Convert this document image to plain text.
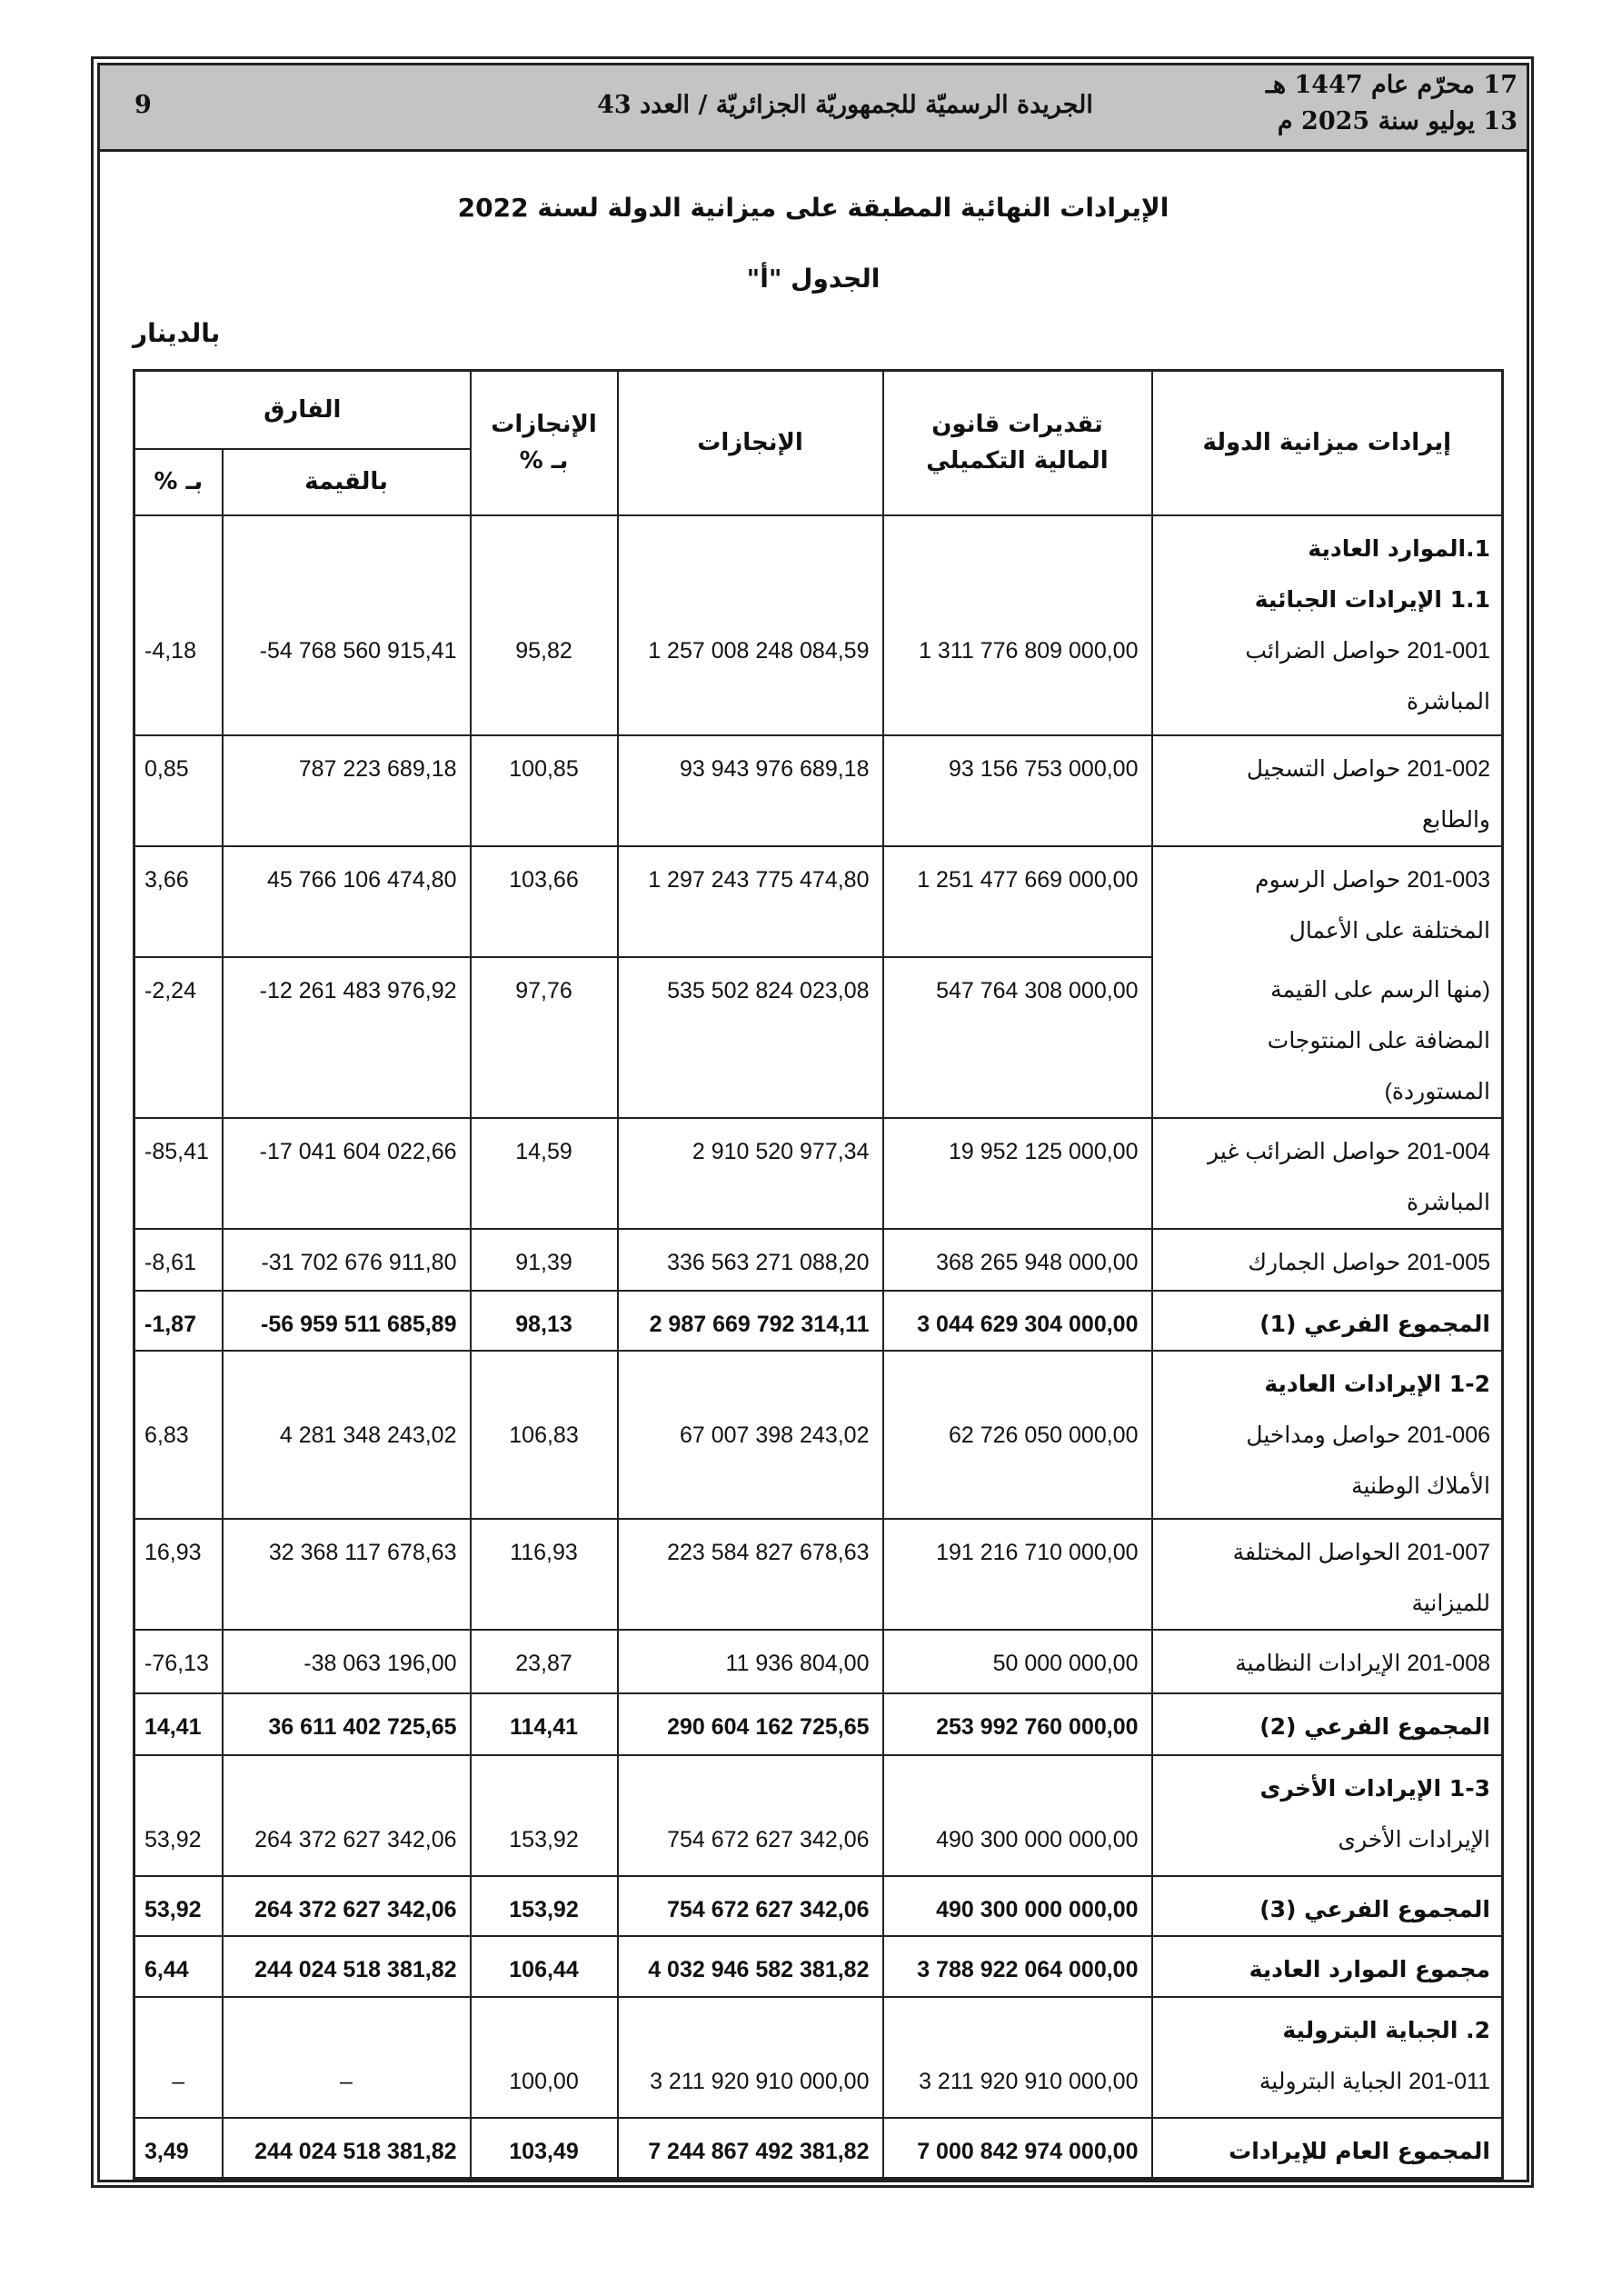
9	الجريدة الرسميّة للجمهوريّة الجزائريّة / العدد 43
17 محرّم عام 1447 هـ
13 يوليو سنة 2025 م
الإيرادات النهائية المطبقة على ميزانية الدولة لسنة 2022
الجدول "أ"
بالدينار
إيرادات ميزانية الدولة	تقديرات قانون المالية التكميلي	الإنجازات	الإنجازات بـ %	الفارق	
				بالقيمة	بـ %

1.الموارد العادية
1.1 الإيرادات الجبائية
201-001 حواصل الضرائب
المباشرة	1 311 776 809 000,00	1 257 008 248 084,59	95,82	-54 768 560 915,41	-4,18

201-002 حواصل التسجيل
والطابع	93 156 753 000,00	93 943 976 689,18	100,85	787 223 689,18	0,85

201-003 حواصل الرسوم
المختلفة على الأعمال	1 251 477 669 000,00	1 297 243 775 474,80	103,66	45 766 106 474,80	3,66

(منها الرسم على القيمة
المضافة على المنتوجات
المستوردة)	547 764 308 000,00	535 502 824 023,08	97,76	-12 261 483 976,92	-2,24

201-004 حواصل الضرائب غير
المباشرة	19 952 125 000,00	2 910 520 977,34	14,59	-17 041 604 022,66	-85,41

201-005 حواصل الجمارك	368 265 948 000,00	336 563 271 088,20	91,39	-31 702 676 911,80	-8,61

المجموع الفرعي (1)	3 044 629 304 000,00	2 987 669 792 314,11	98,13	-56 959 511 685,89	-1,87

1-2 الإيرادات العادية
201-006 حواصل ومداخيل
الأملاك الوطنية	62 726 050 000,00	67 007 398 243,02	106,83	4 281 348 243,02	6,83

201-007 الحواصل المختلفة
للميزانية	191 216 710 000,00	223 584 827 678,63	116,93	32 368 117 678,63	16,93

201-008 الإيرادات النظامية	50 000 000,00	11 936 804,00	23,87	-38 063 196,00	-76,13

المجموع الفرعي (2)	253 992 760 000,00	290 604 162 725,65	114,41	36 611 402 725,65	14,41

1-3 الإيرادات الأخرى
الإيرادات الأخرى	490 300 000 000,00	754 672 627 342,06	153,92	264 372 627 342,06	53,92

المجموع الفرعي (3)	490 300 000 000,00	754 672 627 342,06	153,92	264 372 627 342,06	53,92

مجموع الموارد العادية	3 788 922 064 000,00	4 032 946 582 381,82	106,44	244 024 518 381,82	6,44

2. الجباية البترولية
201-011 الجباية البترولية	3 211 920 910 000,00	3 211 920 910 000,00	100,00	–	–

المجموع العام للإيرادات	7 000 842 974 000,00	7 244 867 492 381,82	103,49	244 024 518 381,82	3,49
